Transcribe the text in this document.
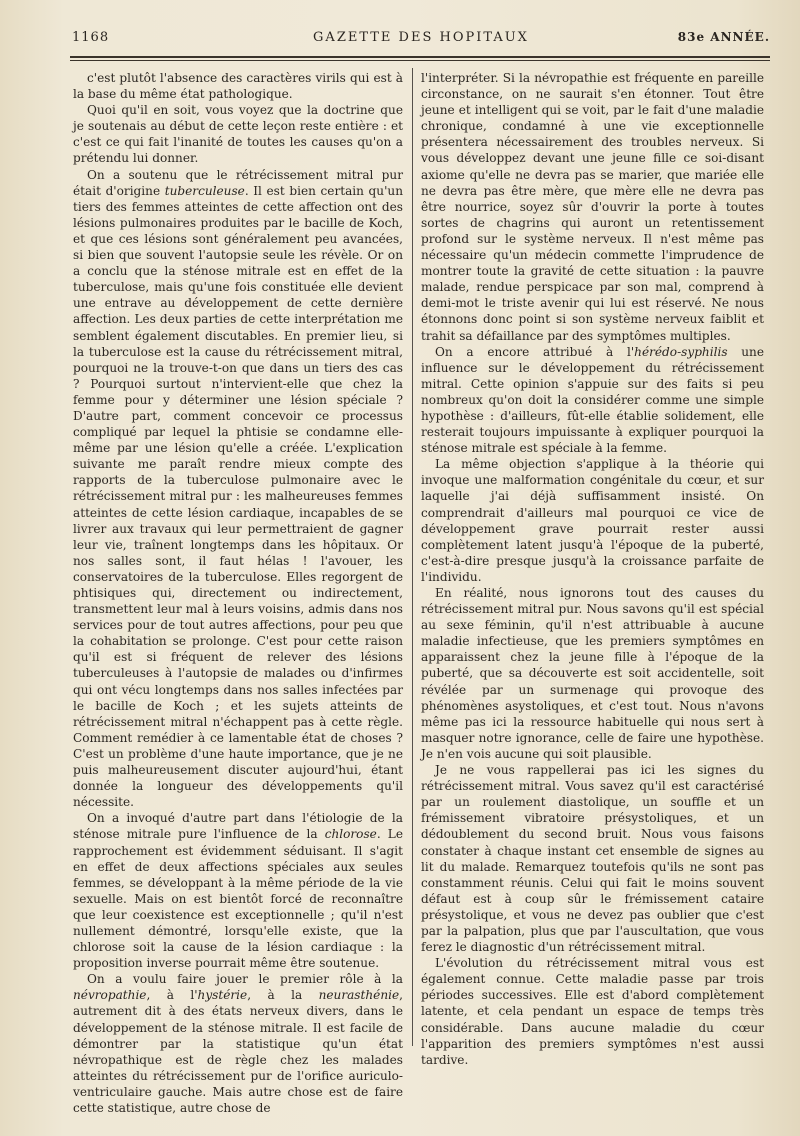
1168	GAZETTE DES HOPITAUX	83e ANNÉE.

c'est plutôt l'absence des caractères virils qui est à la base du même état pathologique.

Quoi qu'il en soit, vous voyez que la doctrine que je soutenais au début de cette leçon reste entière : et c'est ce qui fait l'inanité de toutes les causes qu'on a prétendu lui donner.

On a soutenu que le rétrécissement mitral pur était d'origine tuberculeuse. Il est bien certain qu'un tiers des femmes atteintes de cette affection ont des lésions pulmonaires produites par le bacille de Koch, et que ces lésions sont généralement peu avancées, si bien que souvent l'autopsie seule les révèle. Or on a conclu que la sténose mitrale est en effet de la tuberculose, mais qu'une fois constituée elle devient une entrave au développement de cette dernière affection. Les deux parties de cette interprétation me semblent également discutables. En premier lieu, si la tuberculose est la cause du rétrécissement mitral, pourquoi ne la trouve-t-on que dans un tiers des cas ? Pourquoi surtout n'intervient-elle que chez la femme pour y déterminer une lésion spéciale ? D'autre part, comment concevoir ce processus compliqué par lequel la phtisie se condamne elle-même par une lésion qu'elle a créée. L'explication suivante me paraît rendre mieux compte des rapports de la tuberculose pulmonaire avec le rétrécissement mitral pur : les malheureuses femmes atteintes de cette lésion cardiaque, incapables de se livrer aux travaux qui leur permettraient de gagner leur vie, traînent longtemps dans les hôpitaux. Or nos salles sont, il faut hélas ! l'avouer, les conservatoires de la tuberculose. Elles regorgent de phtisiques qui, directement ou indirectement, transmettent leur mal à leurs voisins, admis dans nos services pour de tout autres affections, pour peu que la cohabitation se prolonge. C'est pour cette raison qu'il est si fréquent de relever des lésions tuberculeuses à l'autopsie de malades ou d'infirmes qui ont vécu longtemps dans nos salles infectées par le bacille de Koch ; et les sujets atteints de rétrécissement mitral n'échappent pas à cette règle. Comment remédier à ce lamentable état de choses ? C'est un problème d'une haute importance, que je ne puis malheureusement discuter aujourd'hui, étant donnée la longueur des développements qu'il nécessite.

On a invoqué d'autre part dans l'étiologie de la sténose mitrale pure l'influence de la chlorose. Le rapprochement est évidemment séduisant. Il s'agit en effet de deux affections spéciales aux seules femmes, se développant à la même période de la vie sexuelle. Mais on est bientôt forcé de reconnaître que leur coexistence est exceptionnelle ; qu'il n'est nullement démontré, lorsqu'elle existe, que la chlorose soit la cause de la lésion cardiaque : la proposition inverse pourrait même être soutenue.

On a voulu faire jouer le premier rôle à la névropathie, à l'hystérie, à la neurasthénie, autrement dit à des états nerveux divers, dans le développement de la sténose mitrale. Il est facile de démontrer par la statistique qu'un état névropathique est de règle chez les malades atteintes du rétrécissement pur de l'orifice auriculo-ventriculaire gauche. Mais autre chose est de faire cette statistique, autre chose de

l'interpréter. Si la névropathie est fréquente en pareille circonstance, on ne saurait s'en étonner. Tout être jeune et intelligent qui se voit, par le fait d'une maladie chronique, condamné à une vie exceptionnelle présentera nécessairement des troubles nerveux. Si vous développez devant une jeune fille ce soi-disant axiome qu'elle ne devra pas se marier, que mariée elle ne devra pas être mère, que mère elle ne devra pas être nourrice, soyez sûr d'ouvrir la porte à toutes sortes de chagrins qui auront un retentissement profond sur le système nerveux. Il n'est même pas nécessaire qu'un médecin commette l'imprudence de montrer toute la gravité de cette situation : la pauvre malade, rendue perspicace par son mal, comprend à demi-mot le triste avenir qui lui est réservé. Ne nous étonnons donc point si son système nerveux faiblit et trahit sa défaillance par des symptômes multiples.

On a encore attribué à l'hérédo-syphilis une influence sur le développement du rétrécissement mitral. Cette opinion s'appuie sur des faits si peu nombreux qu'on doit la considérer comme une simple hypothèse : d'ailleurs, fût-elle établie solidement, elle resterait toujours impuissante à expliquer pourquoi la sténose mitrale est spéciale à la femme.

La même objection s'applique à la théorie qui invoque une malformation congénitale du cœur, et sur laquelle j'ai déjà suffisamment insisté. On comprendrait d'ailleurs mal pourquoi ce vice de développement grave pourrait rester aussi complètement latent jusqu'à l'époque de la puberté, c'est-à-dire presque jusqu'à la croissance parfaite de l'individu.

En réalité, nous ignorons tout des causes du rétrécissement mitral pur. Nous savons qu'il est spécial au sexe féminin, qu'il n'est attribuable à aucune maladie infectieuse, que les premiers symptômes en apparaissent chez la jeune fille à l'époque de la puberté, que sa découverte est soit accidentelle, soit révélée par un surmenage qui provoque des phénomènes asystoliques, et c'est tout. Nous n'avons même pas ici la ressource habituelle qui nous sert à masquer notre ignorance, celle de faire une hypothèse. Je n'en vois aucune qui soit plausible.

Je ne vous rappellerai pas ici les signes du rétrécissement mitral. Vous savez qu'il est caractérisé par un roulement diastolique, un souffle et un frémissement vibratoire présystoliques, et un dédoublement du second bruit. Nous vous faisons constater à chaque instant cet ensemble de signes au lit du malade. Remarquez toutefois qu'ils ne sont pas constamment réunis. Celui qui fait le moins souvent défaut est à coup sûr le frémissement cataire présystolique, et vous ne devez pas oublier que c'est par la palpation, plus que par l'auscultation, que vous ferez le diagnostic d'un rétrécissement mitral.

L'évolution du rétrécissement mitral vous est également connue. Cette maladie passe par trois périodes successives. Elle est d'abord complètement latente, et cela pendant un espace de temps très considérable. Dans aucune maladie du cœur l'apparition des premiers symptômes n'est aussi tardive.
